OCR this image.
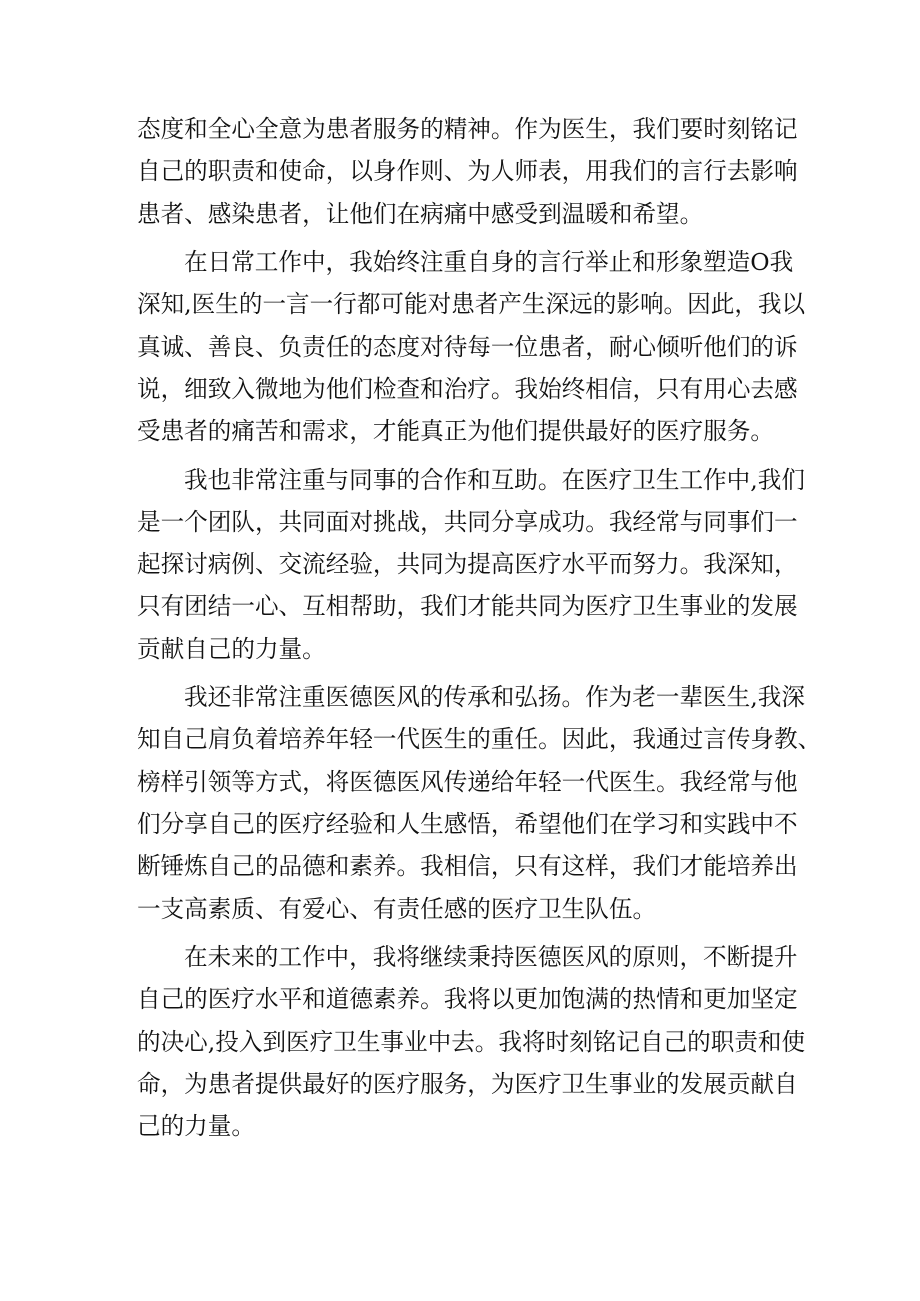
态度和全心全意为患者服务的精神。作为医生，我们要时刻铭记
自己的职责和使命，以身作则、为人师表，用我们的言行去影响
患者、感染患者，让他们在病痛中感受到温暖和希望。
在日常工作中，我始终注重自身的言行举止和形象塑造O我
深知,医生的一言一行都可能对患者产生深远的影响。因此，我以
真诚、善良、负责任的态度对待每一位患者，耐心倾听他们的诉
说，细致入微地为他们检查和治疗。我始终相信，只有用心去感
受患者的痛苦和需求，才能真正为他们提供最好的医疗服务。
我也非常注重与同事的合作和互助。在医疗卫生工作中,我们
是一个团队，共同面对挑战，共同分享成功。我经常与同事们一
起探讨病例、交流经验，共同为提高医疗水平而努力。我深知，
只有团结一心、互相帮助，我们才能共同为医疗卫生事业的发展
贡献自己的力量。
我还非常注重医德医风的传承和弘扬。作为老一辈医生,我深
知自己肩负着培养年轻一代医生的重任。因此，我通过言传身教、
榜样引领等方式，将医德医风传递给年轻一代医生。我经常与他
们分享自己的医疗经验和人生感悟，希望他们在学习和实践中不
断锤炼自己的品德和素养。我相信，只有这样，我们才能培养出
一支高素质、有爱心、有责任感的医疗卫生队伍。
在未来的工作中，我将继续秉持医德医风的原则，不断提升
自己的医疗水平和道德素养。我将以更加饱满的热情和更加坚定
的决心,投入到医疗卫生事业中去。我将时刻铭记自己的职责和使
命，为患者提供最好的医疗服务，为医疗卫生事业的发展贡献自
己的力量。
